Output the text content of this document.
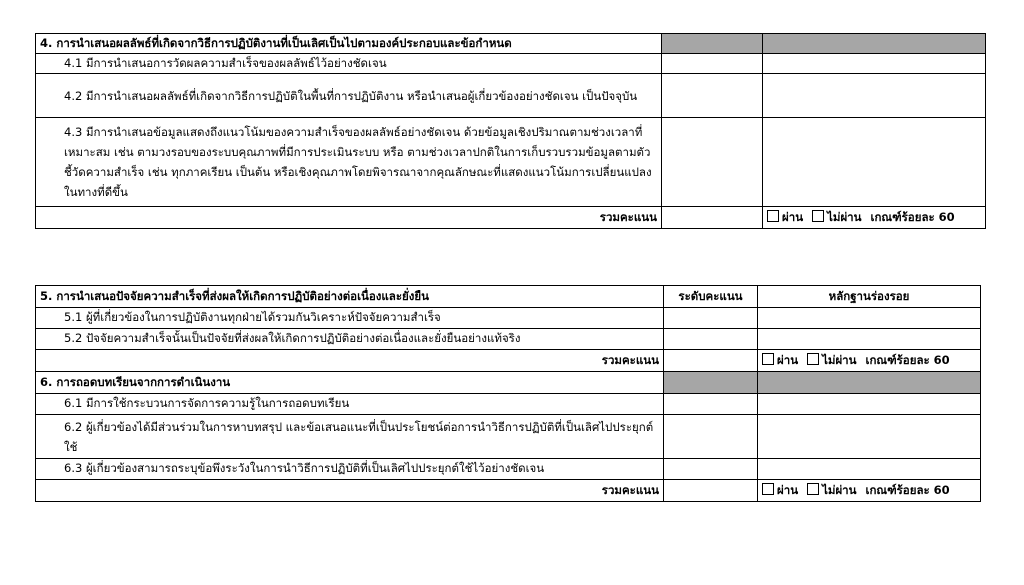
4. การนำเสนอผลลัพธ์ที่เกิดจากวิธีการปฏิบัติงานที่เป็นเลิศเป็นไปตามองค์ประกอบและข้อกำหนด		
4.1 มีการนำเสนอการวัดผลความสำเร็จของผลลัพธ์ไว้อย่างชัดเจน		
4.2 มีการนำเสนอผลลัพธ์ที่เกิดจากวิธีการปฏิบัติในพื้นที่การปฏิบัติงาน หรือนำเสนอผู้เกี่ยวข้องอย่างชัดเจน เป็นปัจจุบัน		
4.3 มีการนำเสนอข้อมูลแสดงถึงแนวโน้มของความสำเร็จของผลลัพธ์อย่างชัดเจน ด้วยข้อมูลเชิงปริมาณตามช่วงเวลาที่เหมาะสม เช่น ตามวงรอบของระบบคุณภาพที่มีการประเมินระบบ หรือ ตามช่วงเวลาปกติในการเก็บรวบรวมข้อมูลตามตัวชี้วัดความสำเร็จ เช่น ทุกภาคเรียน เป็นต้น หรือเชิงคุณภาพโดยพิจารณาจากคุณลักษณะที่แสดงแนวโน้มการเปลี่ยนแปลงในทางที่ดีขึ้น		
รวมคะแนน		ผ่าน ไม่ผ่าน เกณฑ์ร้อยละ 60
5. การนำเสนอปัจจัยความสำเร็จที่ส่งผลให้เกิดการปฏิบัติอย่างต่อเนื่องและยั่งยืน	ระดับคะแนน	หลักฐานร่องรอย
5.1 ผู้ที่เกี่ยวข้องในการปฏิบัติงานทุกฝ่ายได้รวมกันวิเคราะห์ปัจจัยความสำเร็จ		
5.2 ปัจจัยความสำเร็จนั้นเป็นปัจจัยที่ส่งผลให้เกิดการปฏิบัติอย่างต่อเนื่องและยั่งยืนอย่างแท้จริง		
รวมคะแนน		ผ่าน ไม่ผ่าน เกณฑ์ร้อยละ 60
6. การถอดบทเรียนจากการดำเนินงาน		
6.1 มีการใช้กระบวนการจัดการความรู้ในการถอดบทเรียน		
6.2 ผู้เกี่ยวข้องได้มีส่วนร่วมในการหาบทสรุป และข้อเสนอแนะที่เป็นประโยชน์ต่อการนำวิธีการปฏิบัติที่เป็นเลิศไปประยุกต์ใช้		
6.3 ผู้เกี่ยวข้องสามารถระบุข้อพึงระวังในการนำวิธีการปฏิบัติที่เป็นเลิศไปประยุกต์ใช้ไว้อย่างชัดเจน		
รวมคะแนน		ผ่าน ไม่ผ่าน เกณฑ์ร้อยละ 60
